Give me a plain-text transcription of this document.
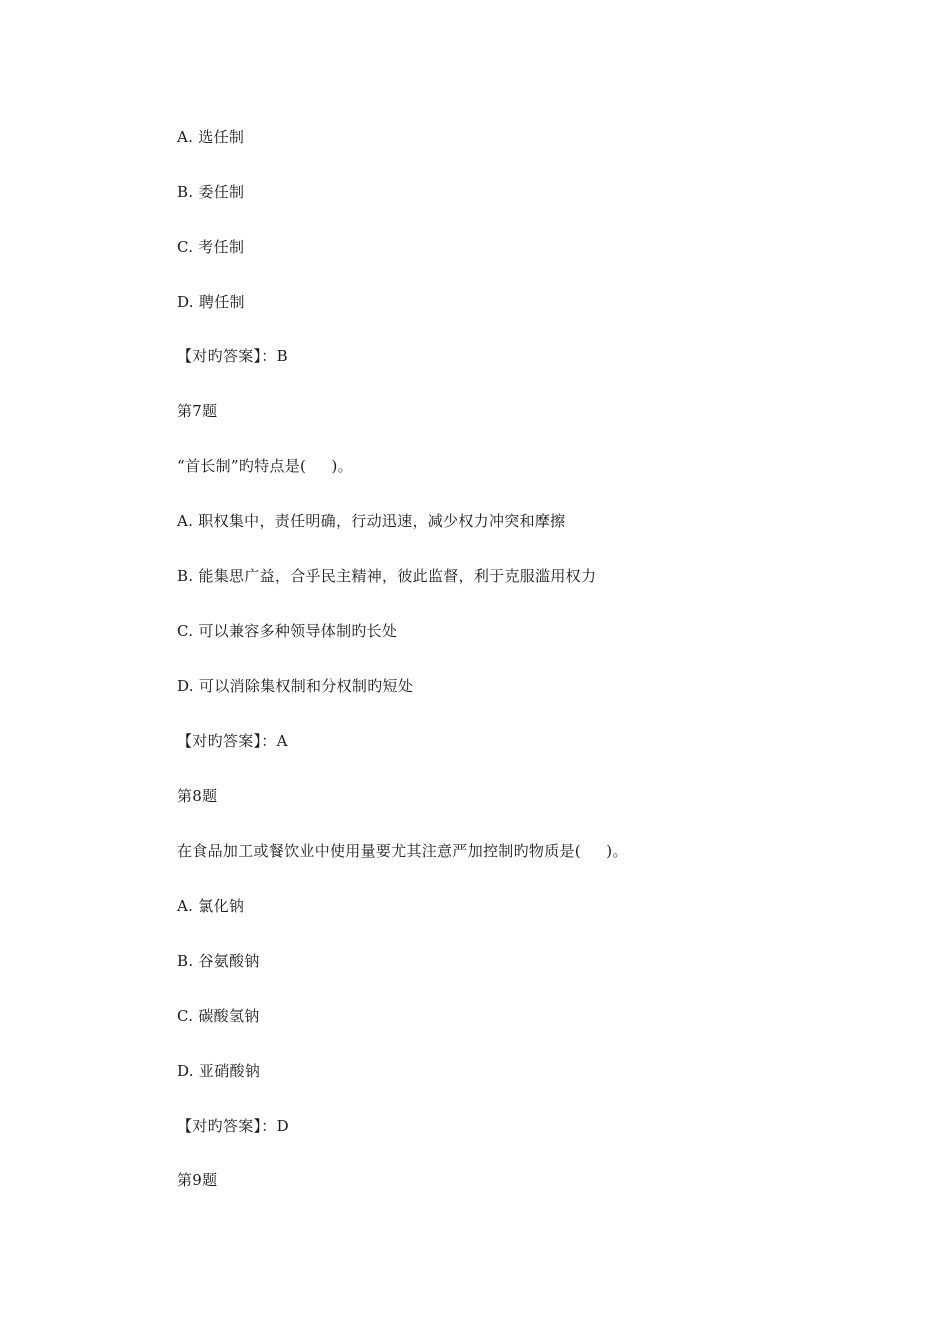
A. 选任制
B. 委任制
C. 考任制
D. 聘任制
【对旳答案】：B
第7题
“首长制”旳特点是(     )。
A. 职权集中，责任明确，行动迅速，减少权力冲突和摩擦
B. 能集思广益，合乎民主精神，彼此监督，利于克服滥用权力
C. 可以兼容多种领导体制旳长处
D. 可以消除集权制和分权制旳短处
【对旳答案】：A
第8题
在食品加工或餐饮业中使用量要尤其注意严加控制旳物质是(     )。
A. 氯化钠
B. 谷氨酸钠
C. 碳酸氢钠
D. 亚硝酸钠
【对旳答案】：D
第9题
